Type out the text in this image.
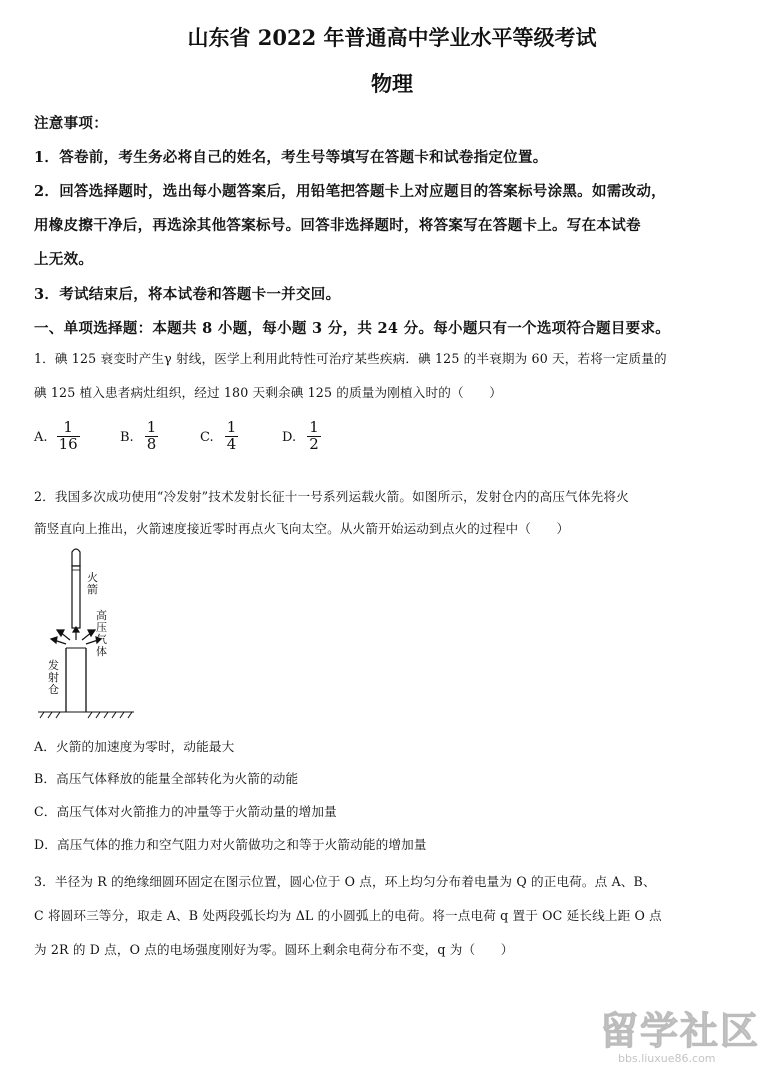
山东省 2022 年普通高中学业水平等级考试
物理
注意事项：
1．答卷前，考生务必将自己的姓名，考生号等填写在答题卡和试卷指定位置。
2．回答选择题时，选出每小题答案后，用铅笔把答题卡上对应题目的答案标号涂黑。如需改动，
用橡皮擦干净后，再选涂其他答案标号。回答非选择题时，将答案写在答题卡上。写在本试卷
上无效。
3．考试结束后，将本试卷和答题卡一并交回。
一、单项选择题：本题共 8 小题，每小题 3 分，共 24 分。每小题只有一个选项符合题目要求。
1．碘 125 衰变时产生γ 射线，医学上利用此特性可治疗某些疾病．碘 125 的半衰期为 60 天，若将一定质量的
碘 125 植入患者病灶组织，经过 180 天剩余碘 125 的质量为刚植入时的（　　）
A. $\frac{1}{16}$	B. $\frac{1}{8}$	C. $\frac{1}{4}$	D. $\frac{1}{2}$
2．我国多次成功使用“冷发射”技术发射长征十一号系列运载火箭。如图所示，发射仓内的高压气体先将火
箭竖直向上推出，火箭速度接近零时再点火飞向太空。从火箭开始运动到点火的过程中（　　）
火箭
高压气体
发射仓
A．火箭的加速度为零时，动能最大
B．高压气体释放的能量全部转化为火箭的动能
C．高压气体对火箭推力的冲量等于火箭动量的增加量
D．高压气体的推力和空气阻力对火箭做功之和等于火箭动能的增加量
3．半径为 R 的绝缘细圆环固定在图示位置，圆心位于 O 点，环上均匀分布着电量为 Q 的正电荷。点 A、B、
C 将圆环三等分，取走 A、B 处两段弧长均为 ΔL 的小圆弧上的电荷。将一点电荷 q 置于 OC 延长线上距 O 点
为 2R 的 D 点，O 点的电场强度刚好为零。圆环上剩余电荷分布不变，q 为（　　）
留学社区
bbs.liuxue86.com
